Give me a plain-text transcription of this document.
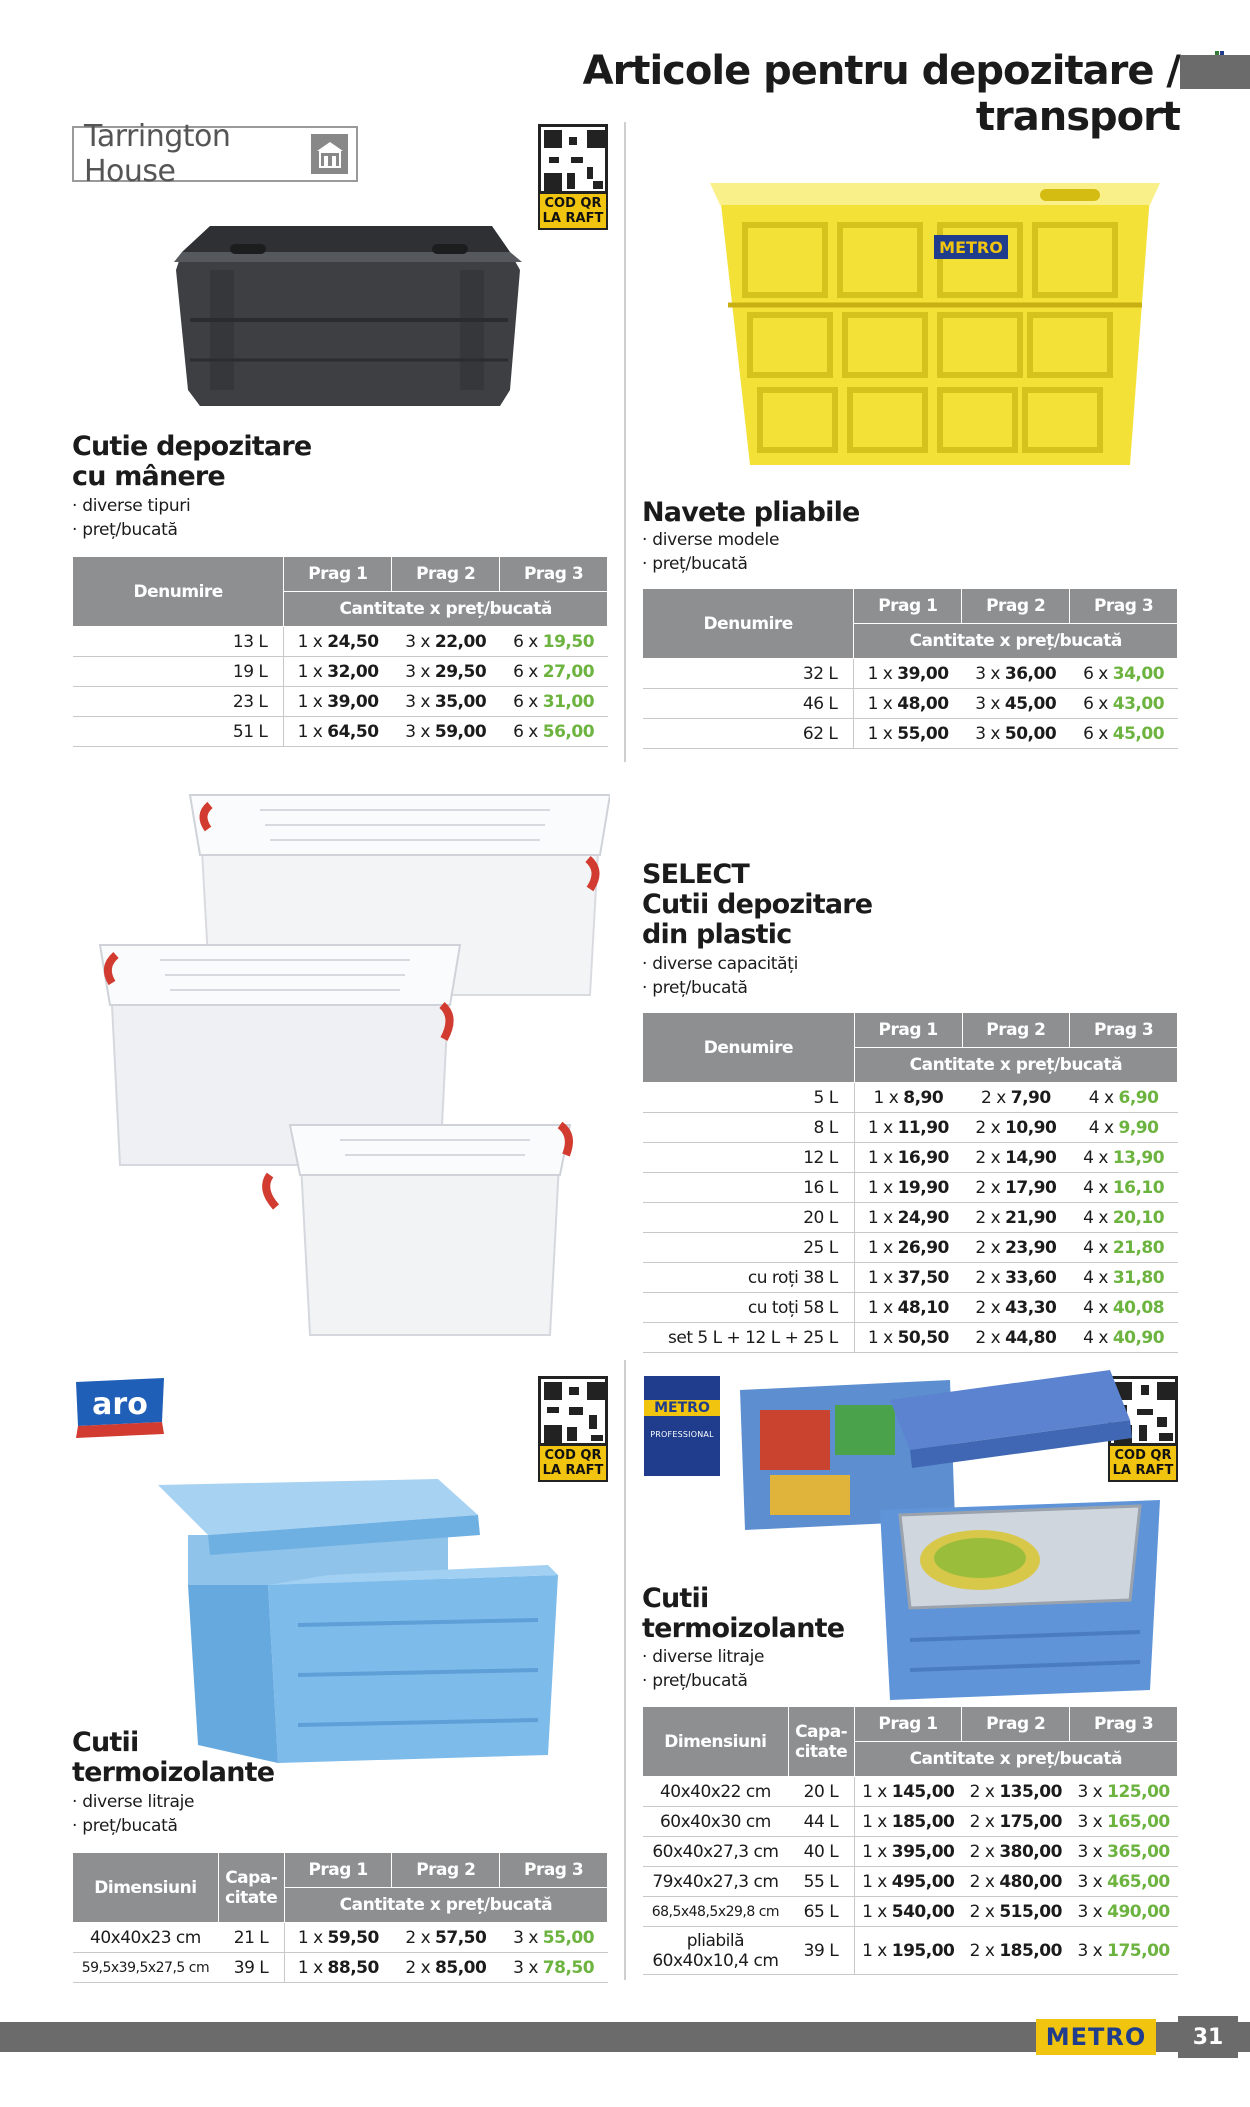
Articole pentru depozitare / transport
Tarrington House
COD QR LA RAFT
Cutie depozitare
cu mânere
· diverse tipuri
· preț/bucată
Denumire	Prag 1	Prag 2	Prag 3
	Cantitate x preț/bucată		
13 L	1 x 24,50	3 x 22,00	6 x 19,50
19 L	1 x 32,00	3 x 29,50	6 x 27,00
23 L	1 x 39,00	3 x 35,00	6 x 31,00
51 L	1 x 64,50	3 x 59,00	6 x 56,00
METRO
Navete pliabile
· diverse modele
· preț/bucată
Denumire	Prag 1	Prag 2	Prag 3
	Cantitate x preț/bucată		
32 L	1 x 39,00	3 x 36,00	6 x 34,00
46 L	1 x 48,00	3 x 45,00	6 x 43,00
62 L	1 x 55,00	3 x 50,00	6 x 45,00
SELECT
Cutii depozitare
din plastic
· diverse capacități
· preț/bucată
Denumire	Prag 1	Prag 2	Prag 3
	Cantitate x preț/bucată		
5 L	1 x 8,90	2 x 7,90	4 x 6,90
8 L	1 x 11,90	2 x 10,90	4 x 9,90
12 L	1 x 16,90	2 x 14,90	4 x 13,90
16 L	1 x 19,90	2 x 17,90	4 x 16,10
20 L	1 x 24,90	2 x 21,90	4 x 20,10
25 L	1 x 26,90	2 x 23,90	4 x 21,80
cu roți 38 L	1 x 37,50	2 x 33,60	4 x 31,80
cu toți 58 L	1 x 48,10	2 x 43,30	4 x 40,08
set 5 L + 12 L + 25 L	1 x 50,50	2 x 44,80	4 x 40,90
aro
COD QR LA RAFT
Cutii
termoizolante
· diverse litraje
· preț/bucată
Dimensiuni	Capa-citate	Prag 1	Prag 2	Prag 3
		Cantitate x preț/bucată		
40x40x23 cm	21 L	1 x 59,50	2 x 57,50	3 x 55,00
59,5x39,5x27,5 cm	39 L	1 x 88,50	2 x 85,00	3 x 78,50
METRO
PROFESSIONAL
COD QR LA RAFT
Cutii
termoizolante
· diverse litraje
· preț/bucată
Dimensiuni	Capa-citate	Prag 1	Prag 2	Prag 3
		Cantitate x preț/bucată		
40x40x22 cm	20 L	1 x 145,00	2 x 135,00	3 x 125,00
60x40x30 cm	44 L	1 x 185,00	2 x 175,00	3 x 165,00
60x40x27,3 cm	40 L	1 x 395,00	2 x 380,00	3 x 365,00
79x40x27,3 cm	55 L	1 x 495,00	2 x 480,00	3 x 465,00
68,5x48,5x29,8 cm	65 L	1 x 540,00	2 x 515,00	3 x 490,00

pliabilă
60x40x10,4 cm	39 L	1 x 195,00	2 x 185,00	3 x 175,00
METRO	31
